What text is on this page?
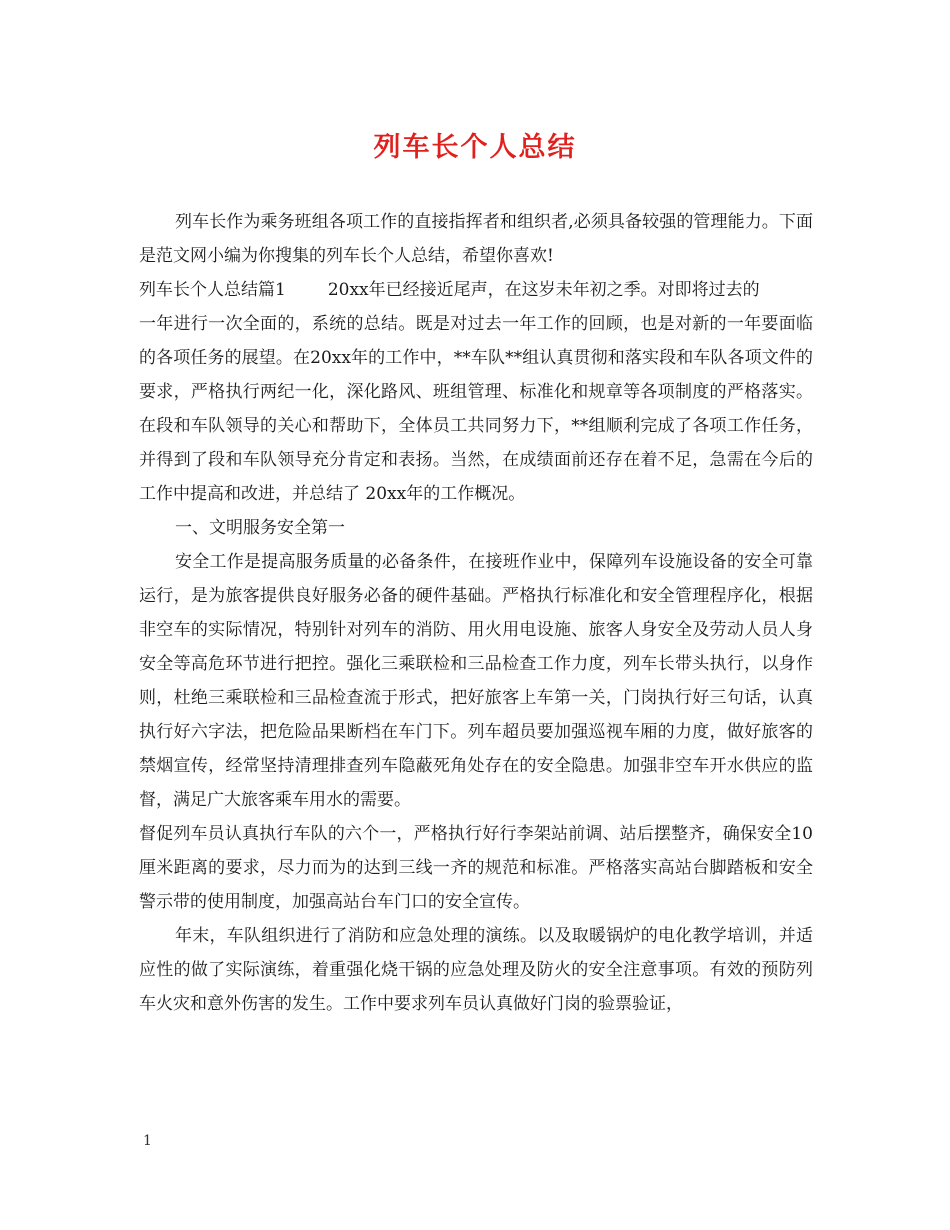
列车长个人总结

列车长作为乘务班组各项工作的直接指挥者和组织者,必须具备较强的管理能力。下面是范文网小编为你搜集的列车长个人总结，希望你喜欢!

列车长个人总结篇1 20xx年已经接近尾声，在这岁未年初之季。对即将过去的

一年进行一次全面的，系统的总结。既是对过去一年工作的回顾，也是对新的一年要面临的各项任务的展望。在20xx年的工作中，**车队**组认真贯彻和落实段和车队各项文件的要求，严格执行两纪一化，深化路风、班组管理、标准化和规章等各项制度的严格落实。在段和车队领导的关心和帮助下，全体员工共同努力下，**组顺利完成了各项工作任务，并得到了段和车队领导充分肯定和表扬。当然，在成绩面前还存在着不足，急需在今后的工作中提高和改进，并总结了 20xx年的工作概况。

一、文明服务安全第一

安全工作是提高服务质量的必备条件，在接班作业中，保障列车设施设备的安全可靠运行，是为旅客提供良好服务必备的硬件基础。严格执行标准化和安全管理程序化，根据非空车的实际情况，特别针对列车的消防、用火用电设施、旅客人身安全及劳动人员人身安全等高危环节进行把控。强化三乘联检和三品检查工作力度，列车长带头执行，以身作则，杜绝三乘联检和三品检查流于形式，把好旅客上车第一关，门岗执行好三句话，认真执行好六字法，把危险品果断档在车门下。列车超员要加强巡视车厢的力度，做好旅客的禁烟宣传，经常坚持清理排查列车隐蔽死角处存在的安全隐患。加强非空车开水供应的监督，满足广大旅客乘车用水的需要。

督促列车员认真执行车队的六个一，严格执行好行李架站前调、站后摆整齐，确保安全10厘米距离的要求，尽力而为的达到三线一齐的规范和标准。严格落实高站台脚踏板和安全警示带的使用制度，加强高站台车门口的安全宣传。

年末，车队组织进行了消防和应急处理的演练。以及取暖锅炉的电化教学培训，并适应性的做了实际演练，着重强化烧干锅的应急处理及防火的安全注意事项。有效的预防列车火灾和意外伤害的发生。工作中要求列车员认真做好门岗的验票验证，

1
